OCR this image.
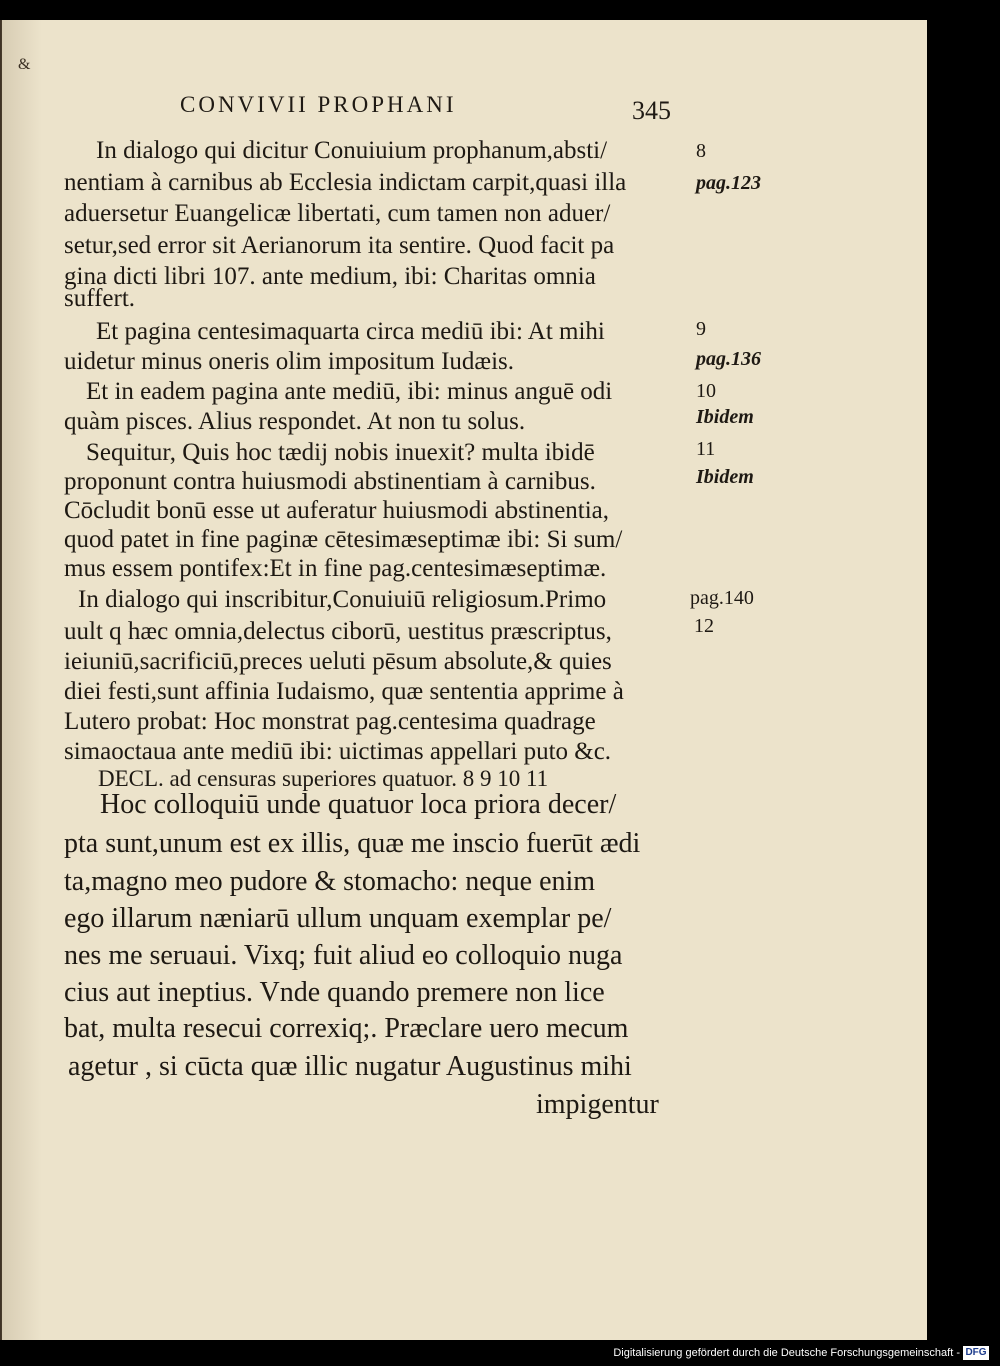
&
CONVIVII PROPHANI	345
In dialogo qui dicitur Conuiuium prophanum,absti/
nentiam à carnibus ab Ecclesia indictam carpit,quasi illa
aduersetur Euangelicæ libertati, cum tamen non aduer/
setur,sed error sit Aerianorum ita sentire. Quod facit pa
gina dicti libri 107. ante medium, ibi: Charitas omnia
suffert.
Et pagina centesimaquarta circa mediū ibi: At mihi
uidetur minus oneris olim impositum Iudæis.
Et in eadem pagina ante mediū, ibi: minus anguē odi
quàm pisces. Alius respondet. At non tu solus.
Sequitur, Quis hoc tædij nobis inuexit? multa ibidē
proponunt contra huiusmodi abstinentiam à carnibus.
Cōcludit bonū esse ut auferatur huiusmodi abstinentia,
quod patet in fine paginæ cētesimæseptimæ ibi: Si sum/
mus essem pontifex:Et in fine pag.centesimæseptimæ.
In dialogo qui inscribitur,Conuiuiū religiosum.Primo
uult q hæc omnia,delectus ciborū, uestitus præscriptus,
ieiuniū,sacrificiū,preces ueluti pēsum absolute,& quies
diei festi,sunt affinia Iudaismo, quæ sententia apprime à
Lutero probat: Hoc monstrat pag.centesima quadrage
simaoctaua ante mediū ibi: uictimas appellari puto &c.
DECL. ad censuras superiores quatuor. 8 9 10 11
Hoc colloquiū unde quatuor loca priora decer/
pta sunt,unum est ex illis, quæ me inscio fuerūt ædi
ta,magno meo pudore & stomacho: neque enim
ego illarum næniarū ullum unquam exemplar pe/
nes me seruaui. Vixq; fuit aliud eo colloquio nuga
cius aut ineptius. Vnde quando premere non lice
bat, multa resecui correxiq;. Præclare uero mecum
agetur , si cūcta quæ illic nugatur Augustinus mihi
impigentur
8
pag.123
9
pag.136
10
Ibidem
11
Ibidem
pag.140
12
Digitalisierung gefördert durch die Deutsche Forschungsgemeinschaft - DFG
